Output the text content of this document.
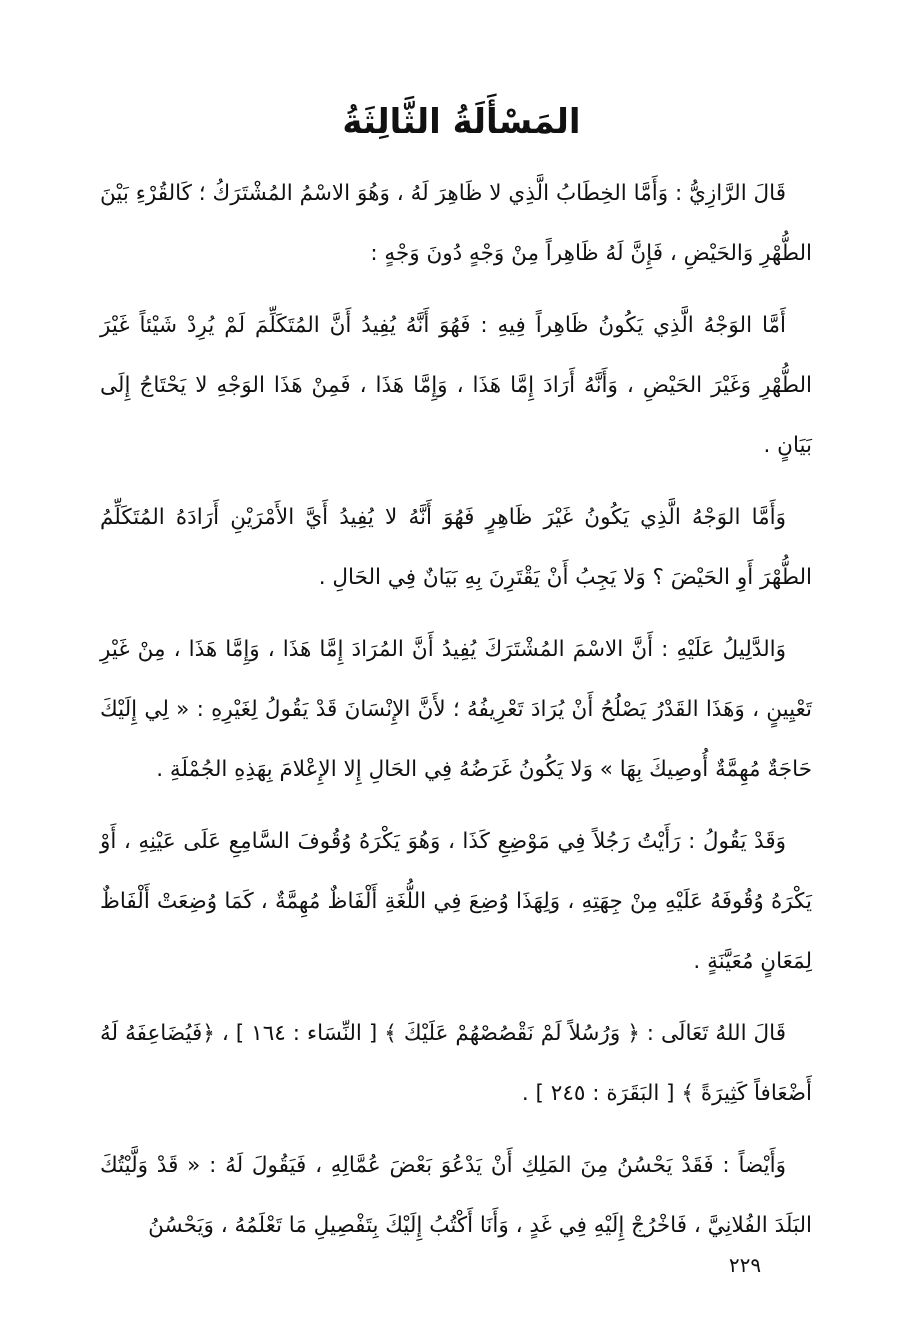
المَسْأَلَةُ الثَّالِثَةُ

قَالَ الرَّازِيُّ : وَأَمَّا الخِطَابُ الَّذِي لا ظَاهِرَ لَهُ ، وَهُوَ الاسْمُ المُشْتَرَكُ ؛ كَالقُرْءِ بَيْنَ الطُّهْرِ وَالحَيْضِ ، فَإِنَّ لَهُ ظَاهِراً مِنْ وَجْهٍ دُونَ وَجْهٍ :

أَمَّا الوَجْهُ الَّذِي يَكُونُ ظَاهِراً فِيهِ : فَهُوَ أَنَّهُ يُفِيدُ أَنَّ المُتَكَلِّمَ لَمْ يُرِدْ شَيْئاً غَيْرَ الطُّهْرِ وَغَيْرَ الحَيْضِ ، وَأَنَّهُ أَرَادَ إِمَّا هَذَا ، وَإِمَّا هَذَا ، فَمِنْ هَذَا الوَجْهِ لا يَحْتَاجُ إِلَى بَيَانٍ .

وَأَمَّا الوَجْهُ الَّذِي يَكُونُ غَيْرَ ظَاهِرٍ فَهُوَ أَنَّهُ لا يُفِيدُ أَيَّ الأَمْرَيْنِ أَرَادَهُ المُتَكَلِّمُ الطُّهْرَ أَوِ الحَيْضَ ؟ وَلا يَجِبُ أَنْ يَقْتَرِنَ بِهِ بَيَانٌ فِي الحَالِ .

وَالدَّلِيلُ عَلَيْهِ : أَنَّ الاسْمَ المُشْتَرَكَ يُفِيدُ أَنَّ المُرَادَ إِمَّا هَذَا ، وَإِمَّا هَذَا ، مِنْ غَيْرِ تَعْيِينٍ ، وَهَذَا القَدْرُ يَصْلُحُ أَنْ يُرَادَ تَعْرِيفُهُ ؛ لأَنَّ الإِنْسَانَ قَدْ يَقُولُ لِغَيْرِهِ : « لِي إِلَيْكَ حَاجَةٌ مُهِمَّةٌ أُوصِيكَ بِهَا » وَلا يَكُونُ غَرَضُهُ فِي الحَالِ إِلا الإِعْلامَ بِهَذِهِ الجُمْلَةِ .

وَقَدْ يَقُولُ : رَأَيْتُ رَجُلاً فِي مَوْضِعِ كَذَا ، وَهُوَ يَكْرَهُ وُقُوفَ السَّامِعِ عَلَى عَيْنِهِ ، أَوْ يَكْرَهُ وُقُوفَهُ عَلَيْهِ مِنْ جِهَتِهِ ، وَلِهَذَا وُضِعَ فِي اللُّغَةِ أَلْفَاظٌ مُهِمَّةٌ ، كَمَا وُضِعَتْ أَلْفَاظٌ لِمَعَانٍ مُعَيَّنَةٍ .

قَالَ اللهُ تَعَالَى : ﴿ وَرُسُلاً لَمْ نَقْصُصْهُمْ عَلَيْكَ ﴾ [ النِّسَاء : ١٦٤ ] ، ﴿فَيُضَاعِفَهُ لَهُ أَضْعَافاً كَثِيرَةً ﴾ [ البَقَرَة : ٢٤٥ ] .

وَأَيْضاً : فَقَدْ يَحْسُنُ مِنَ المَلِكِ أَنْ يَدْعُوَ بَعْضَ عُمَّالِهِ ، فَيَقُولَ لَهُ : « قَدْ وَلَّيْتُكَ البَلَدَ الفُلانِيَّ ، فَاخْرُجْ إِلَيْهِ فِي غَدٍ ، وَأَنَا أَكْتُبُ إِلَيْكَ بِتَفْصِيلِ مَا تَعْلَمُهُ ، وَيَحْسُنُ

٢٢٩
